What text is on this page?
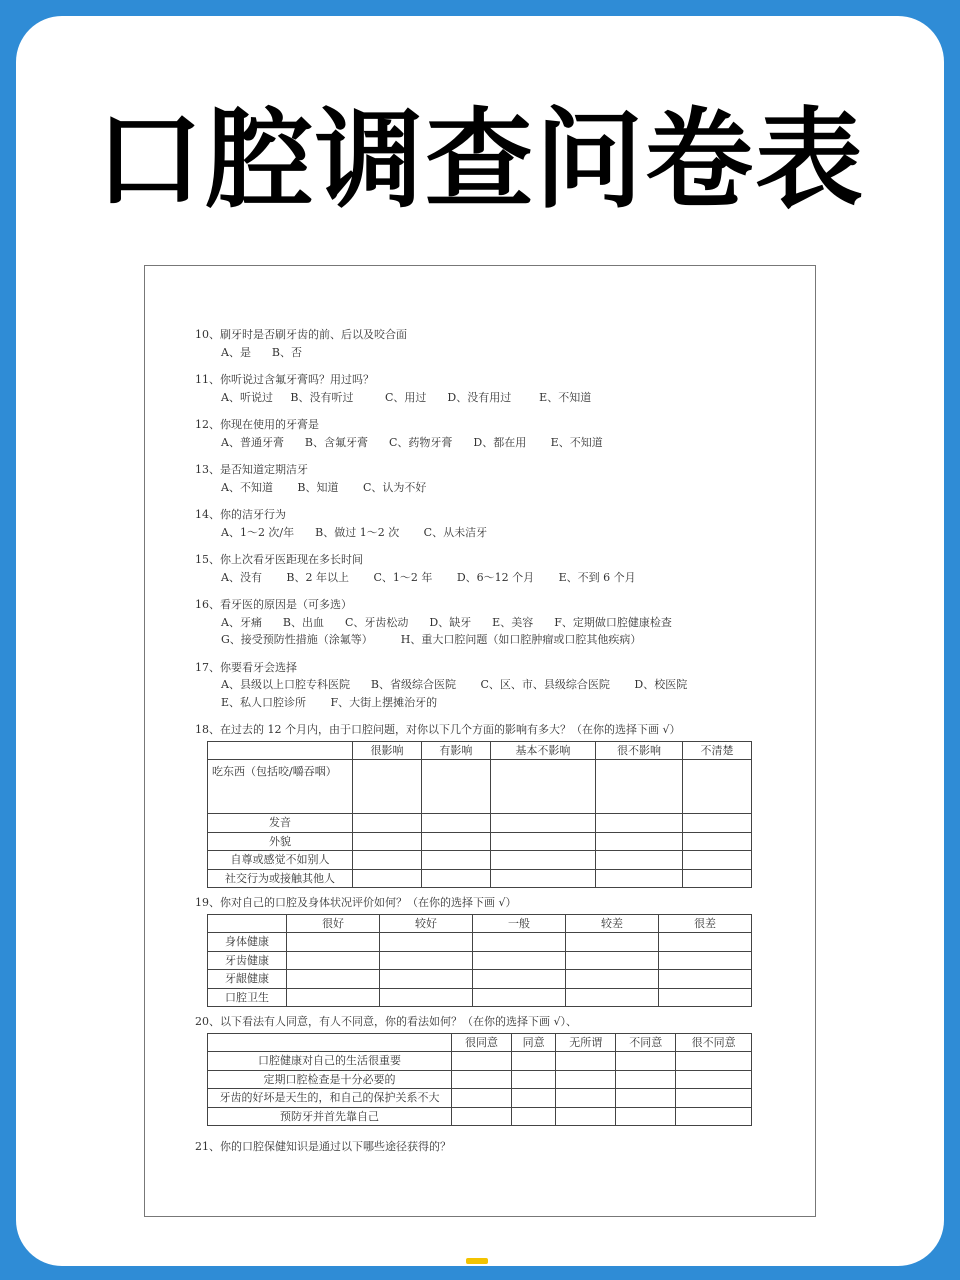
口腔调查问卷表
10、刷牙时是否刷牙齿的前、后以及咬合面
A、是      B、否
11、你听说过含氟牙膏吗？用过吗？
A、听说过     B、没有听过         C、用过      D、没有用过        E、不知道
12、你现在使用的牙膏是
A、普通牙膏      B、含氟牙膏      C、药物牙膏      D、都在用       E、不知道
13、是否知道定期洁牙
A、不知道       B、知道       C、认为不好
14、你的洁牙行为
A、1～2 次/年      B、做过 1～2 次       C、从未洁牙
15、你上次看牙医距现在多长时间
A、没有       B、2 年以上       C、1～2 年       D、6～12 个月       E、不到 6 个月
16、看牙医的原因是（可多选）
A、牙痛      B、出血      C、牙齿松动      D、缺牙      E、美容      F、定期做口腔健康检查
G、接受预防性措施（涂氟等）        H、重大口腔问题（如口腔肿瘤或口腔其他疾病）
17、你要看牙会选择
A、县级以上口腔专科医院      B、省级综合医院       C、区、市、县级综合医院       D、校医院
E、私人口腔诊所       F、大街上摆摊治牙的
18、在过去的 12 个月内，由于口腔问题，对你以下几个方面的影响有多大？（在你的选择下画 √）
	很影响	有影响	基本不影响	很不影响	不清楚
吃东西（包括咬/嚼吞咽）					
发音					
外貌					
自尊或感觉不如别人					
社交行为或接触其他人					
19、你对自己的口腔及身体状况评价如何？（在你的选择下画 √）
	很好	较好	一般	较差	很差
身体健康					
牙齿健康					
牙龈健康					
口腔卫生					
20、以下看法有人同意，有人不同意，你的看法如何？（在你的选择下画 √）、
	很同意	同意	无所谓	不同意	很不同意
口腔健康对自己的生活很重要					
定期口腔检查是十分必要的					
牙齿的好坏是天生的，和自己的保护关系不大					
预防牙并首先靠自己					
21、你的口腔保健知识是通过以下哪些途径获得的？
